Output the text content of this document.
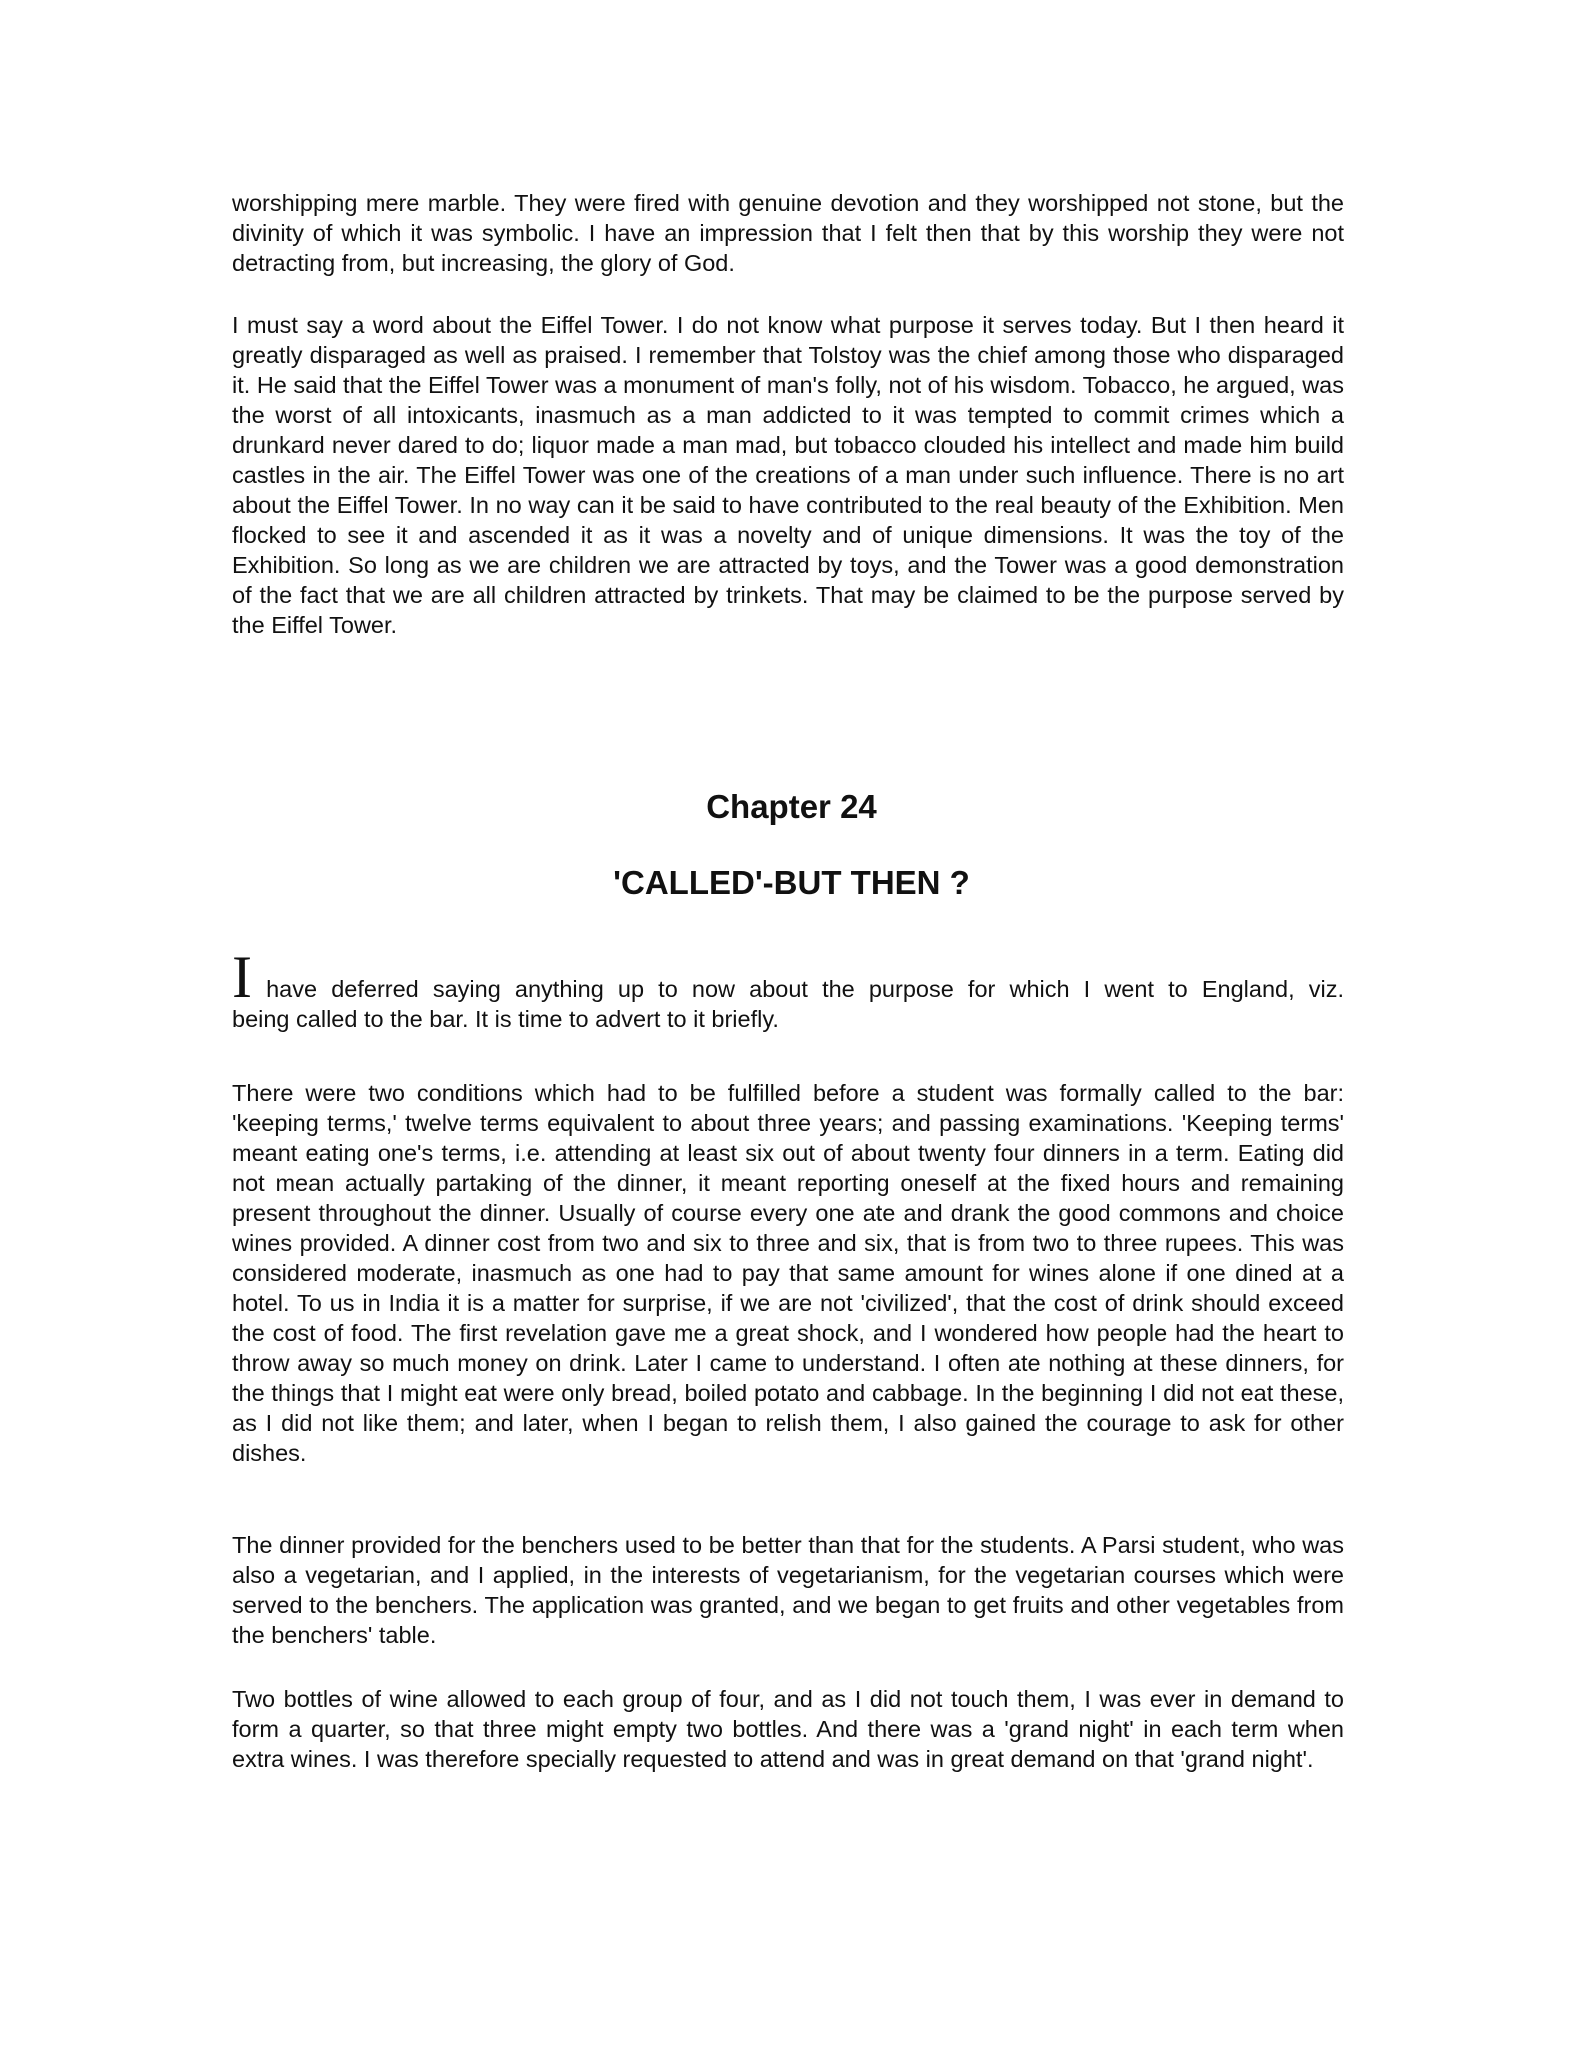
worshipping mere marble. They were fired with genuine devotion and they worshipped not stone, but the divinity of which it was symbolic. I have an impression that I felt then that by this worship they were not detracting from, but increasing, the glory of God.

I must say a word about the Eiffel Tower. I do not know what purpose it serves today. But I then heard it greatly disparaged as well as praised. I remember that Tolstoy was the chief among those who disparaged it. He said that the Eiffel Tower was a monument of man's folly, not of his wisdom. Tobacco, he argued, was the worst of all intoxicants, inasmuch as a man addicted to it was tempted to commit crimes which a drunkard never dared to do; liquor made a man mad, but tobacco clouded his intellect and made him build castles in the air. The Eiffel Tower was one of the creations of a man under such influence. There is no art about the Eiffel Tower. In no way can it be said to have contributed to the real beauty of the Exhibition. Men flocked to see it and ascended it as it was a novelty and of unique dimensions. It was the toy of the Exhibition. So long as we are children we are attracted by toys, and the Tower was a good demonstration of the fact that we are all children attracted by trinkets. That may be claimed to be the purpose served by the Eiffel Tower.

Chapter 24
'CALLED'-BUT THEN ?

I have deferred saying anything up to now about the purpose for which I went to England, viz.
being called to the bar. It is time to advert to it briefly.

There were two conditions which had to be fulfilled before a student was formally called to the bar: 'keeping terms,' twelve terms equivalent to about three years; and passing examinations. 'Keeping terms' meant eating one's terms, i.e. attending at least six out of about twenty four dinners in a term. Eating did not mean actually partaking of the dinner, it meant reporting oneself at the fixed hours and remaining present throughout the dinner. Usually of course every one ate and drank the good commons and choice wines provided. A dinner cost from two and six to three and six, that is from two to three rupees. This was considered moderate, inasmuch as one had to pay that same amount for wines alone if one dined at a hotel. To us in India it is a matter for surprise, if we are not 'civilized', that the cost of drink should exceed the cost of food. The first revelation gave me a great shock, and I wondered how people had the heart to throw away so much money on drink. Later I came to understand. I often ate nothing at these dinners, for the things that I might eat were only bread, boiled potato and cabbage. In the beginning I did not eat these, as I did not like them; and later, when I began to relish them, I also gained the courage to ask for other dishes.

The dinner provided for the benchers used to be better than that for the students. A Parsi student, who was also a vegetarian, and I applied, in the interests of vegetarianism, for the vegetarian courses which were served to the benchers. The application was granted, and we began to get fruits and other vegetables from the benchers' table.

Two bottles of wine allowed to each group of four, and as I did not touch them, I was ever in demand to form a quarter, so that three might empty two bottles. And there was a 'grand night' in each term when extra wines. I was therefore specially requested to attend and was in great demand on that 'grand night'.
